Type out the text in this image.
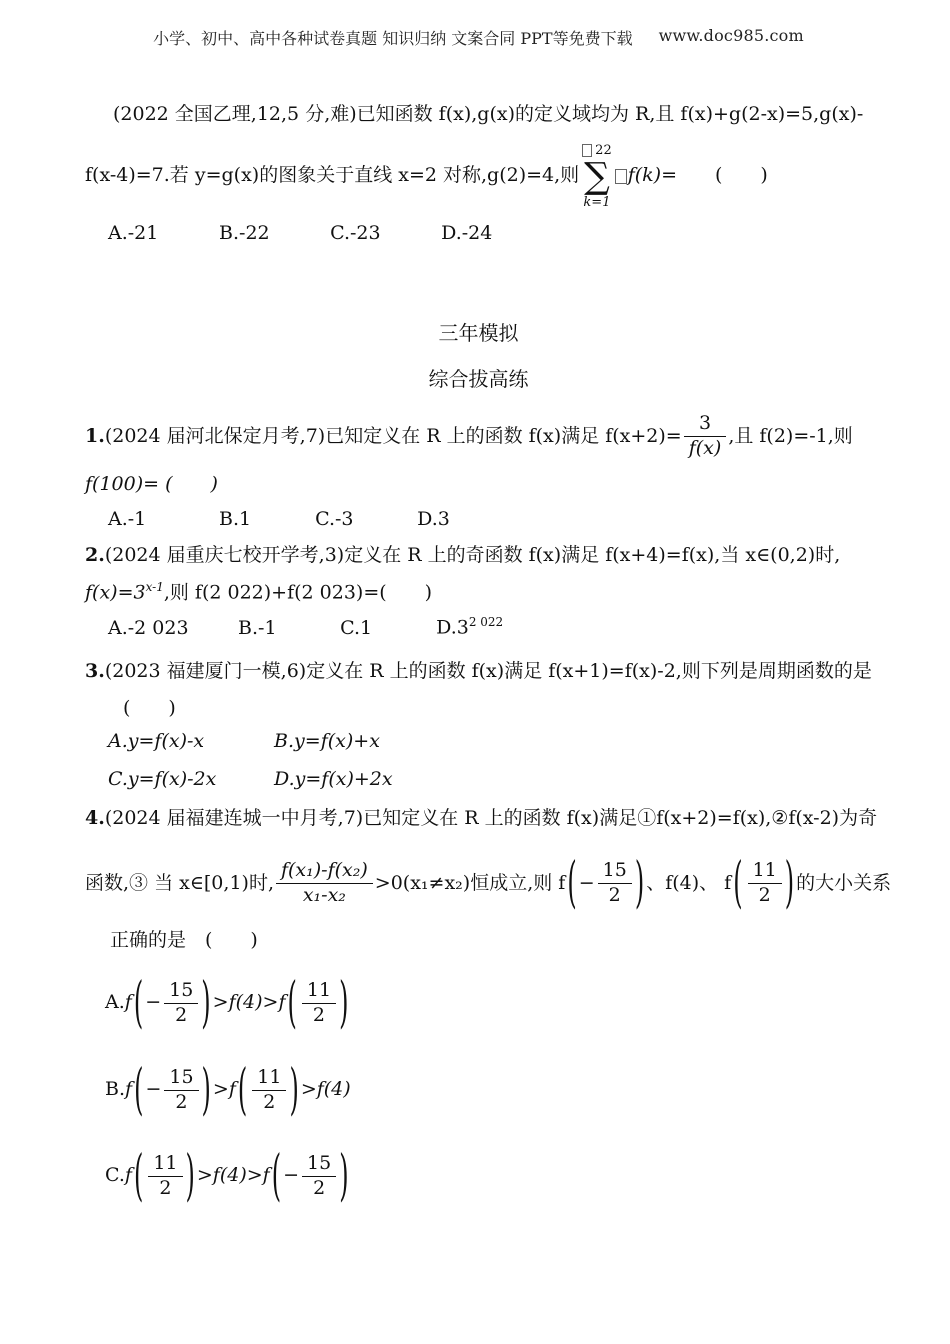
小学、初中、高中各种试卷真题 知识归纳 文案合同 PPT等免费下载 www.doc985.com

(2022 全国乙理,12,5 分,难)已知函数 f(x),g(x)的定义域均为 R,且 f(x)+g(2-x)=5,g(x)-

f(x-4)=7.若 y=g(x)的图象关于直线 x=2 对称,g(2)=4,则
22
∑
k=1
f(k)= (　　)

A.-21	B.-22	C.-23	D.-24

三年模拟
综合拔高练

1. (2024 届河北保定月考,7)已知定义在 R 上的函数 f(x)满足 $f(x+2)= \frac{3}{f(x)}$ ,且 f(2)=-1,则

f(100)= (　　)

A.-1	B.1	C.-3	D.3

2.(2024 届重庆七校开学考,3)定义在 R 上的奇函数 f(x)满足 f(x+4)=f(x),当 x∈(0,2)时,

$f(x)=3^{x-1}$,则 f(2 022)+f(2 023)=(　　)

A.-2 023	B.-1	C.1	$D.3^{2 022}$

3.(2023 福建厦门一模,6)定义在 R 上的函数 f(x)满足 f(x+1)=f(x)-2,则下列是周期函数的是

(　　)

A.y=f(x)-x	B.y=f(x)+x

C.y=f(x)-2x	D.y=f(x)+2x

4.(2024 届福建连城一中月考,7)已知定义在 R 上的函数 f(x)满足①f(x+2)=f(x),②f(x-2)为奇

函数,③ 当 x∈[0,1)时, $\frac{\text{f(x₁)-f(x₂)}}{\text{x₁-x₂}} >0(x_1\ne x_2)$恒成立,则 f ( − $\frac{15}{2}$ ) 、f(4)、 f ( $\frac{11}{2}$ ) 的大小关系

正确的是　(　　)

A. f ( − $\frac{15}{2}$ ) >f(4)>f ( $\frac{11}{2}$ )

B. f ( − $\frac{15}{2}$ ) >f ( $\frac{11}{2}$ ) >f(4)

C. f ( $\frac{11}{2}$ ) >f(4)>f ( − $\frac{15}{2}$ )
